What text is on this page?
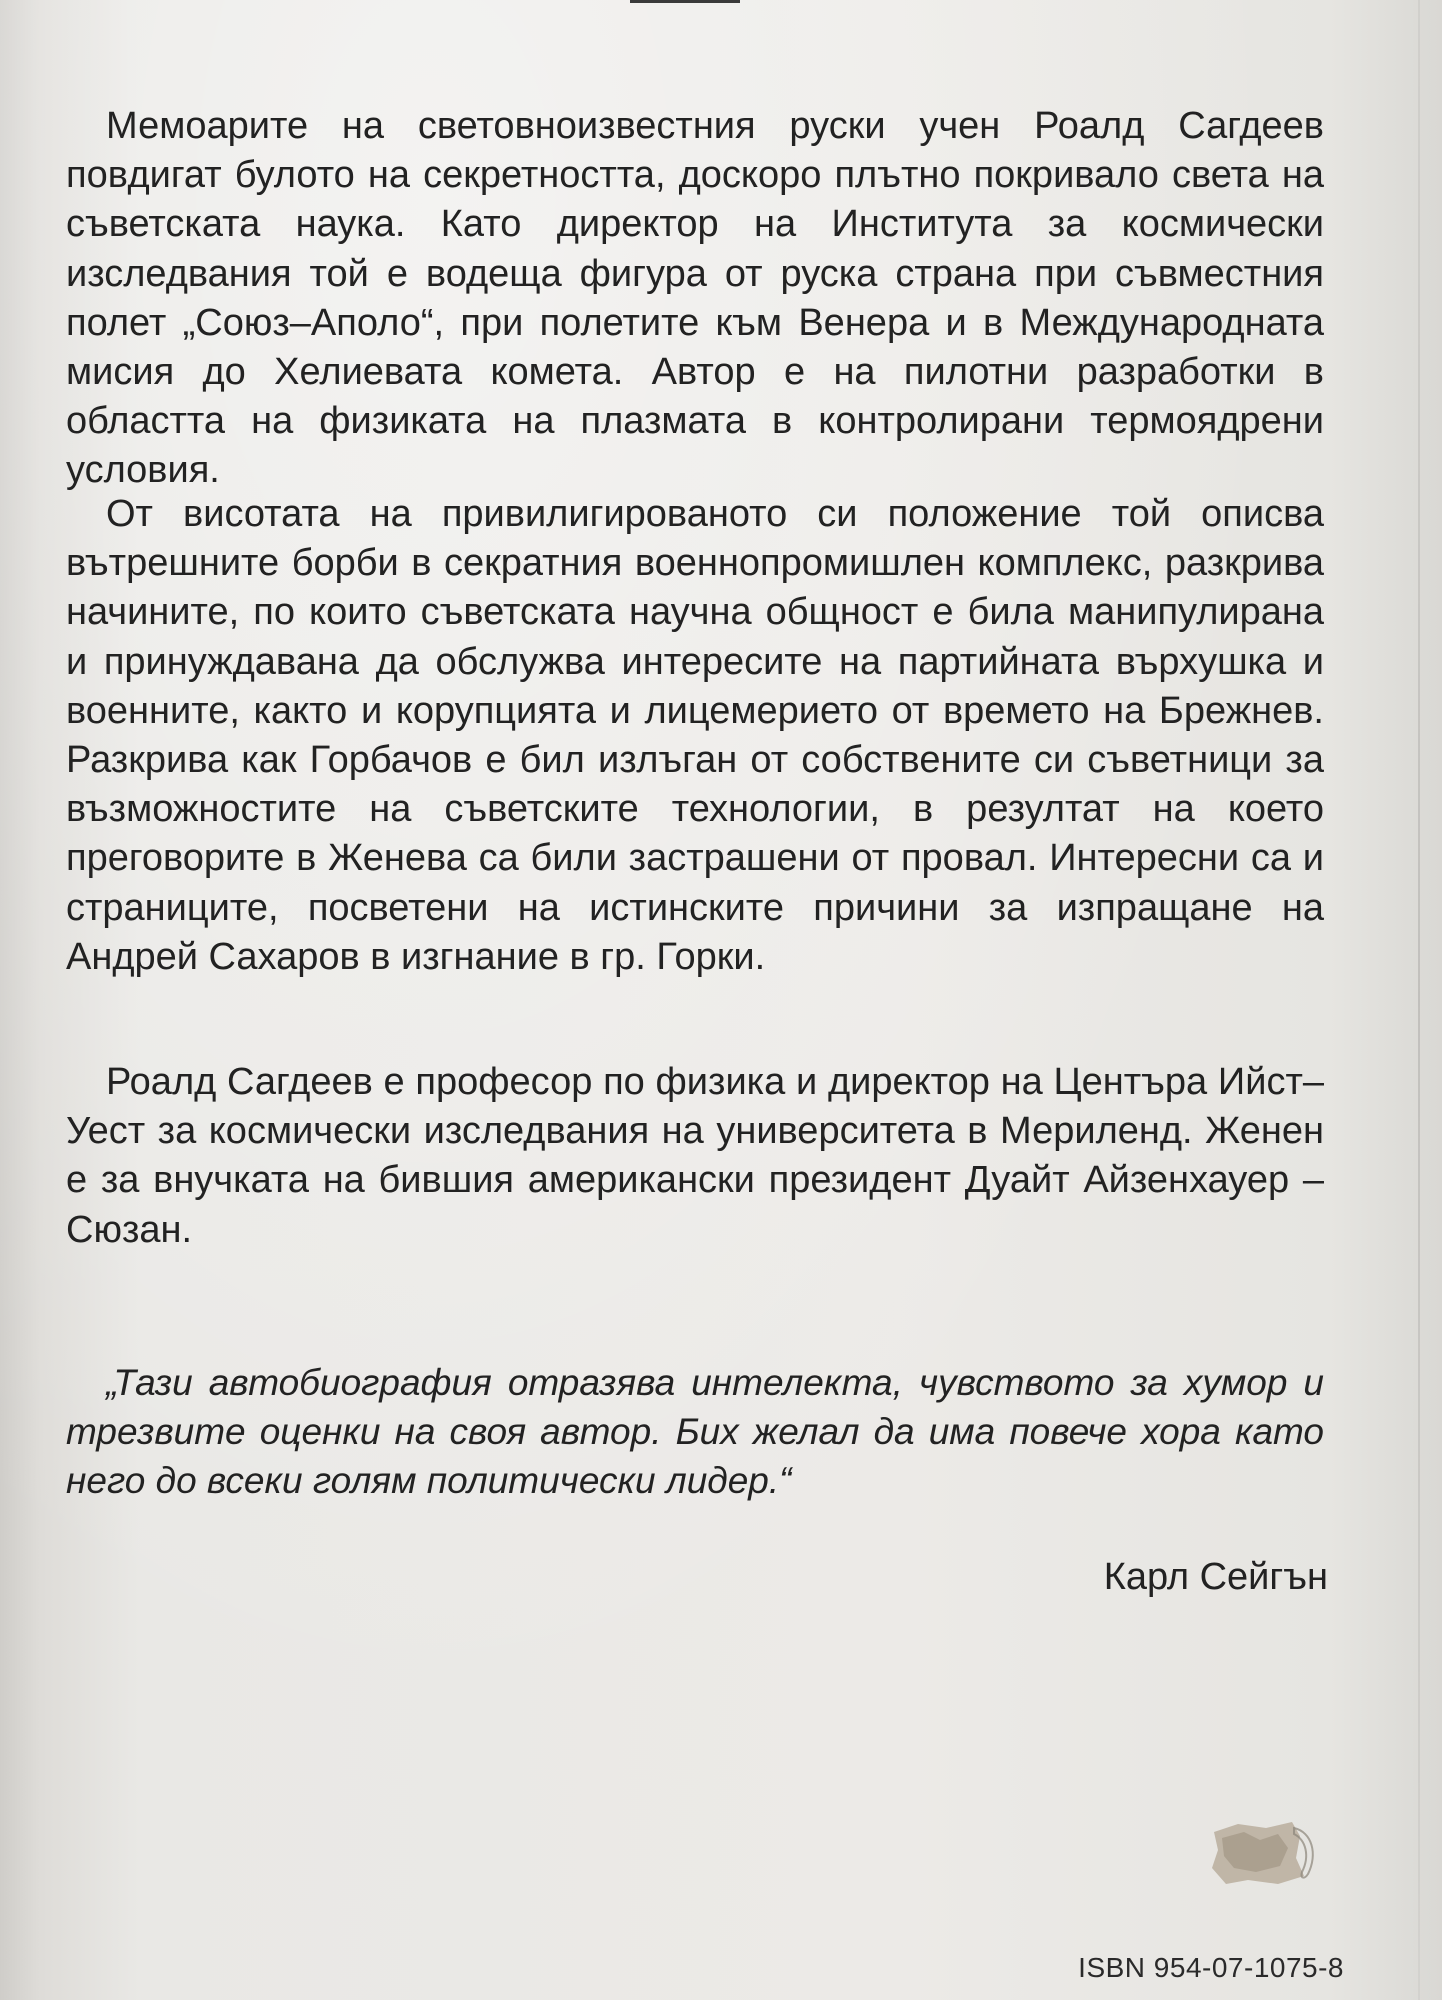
Мемоарите на световноизвестния руски учен Роалд Сагдеев повдигат булото на секретността, доскоро плътно покривало света на съветската наука. Като директор на Института за космически изследвания той е водеща фигура от руска страна при съвместния полет „Союз–Аполо“, при полетите към Венера и в Международната мисия до Хелиевата комета. Автор е на пилотни разработки в областта на физиката на плазмата в контролирани термоядрени условия.

От висотата на привилигированото си положение той описва вътрешните борби в секратния военнопромишлен комплекс, разкрива начините, по които съветската научна общност е била манипулирана и принуждавана да обслужва интересите на партийната върхушка и военните, както и корупцията и лицемерието от времето на Брежнев. Разкрива как Горбачов е бил излъган от собствените си съветници за възможностите на съветските технологии, в резултат на което преговорите в Женева са били застрашени от провал. Интересни са и страниците, посветени на истинските причини за изпращане на Андрей Сахаров в изгнание в гр. Горки.

Роалд Сагдеев е професор по физика и директор на Центъра Ийст–Уест за космически изследвания на университета в Мериленд. Женен е за внучката на бившия американски президент Дуайт Айзенхауер – Сюзан.

„Тази автобиография отразява интелекта, чувството за хумор и трезвите оценки на своя автор. Бих желал да има повече хора като него до всеки голям политически лидер.“

Карл Сейгън
ISBN 954-07-1075-8
